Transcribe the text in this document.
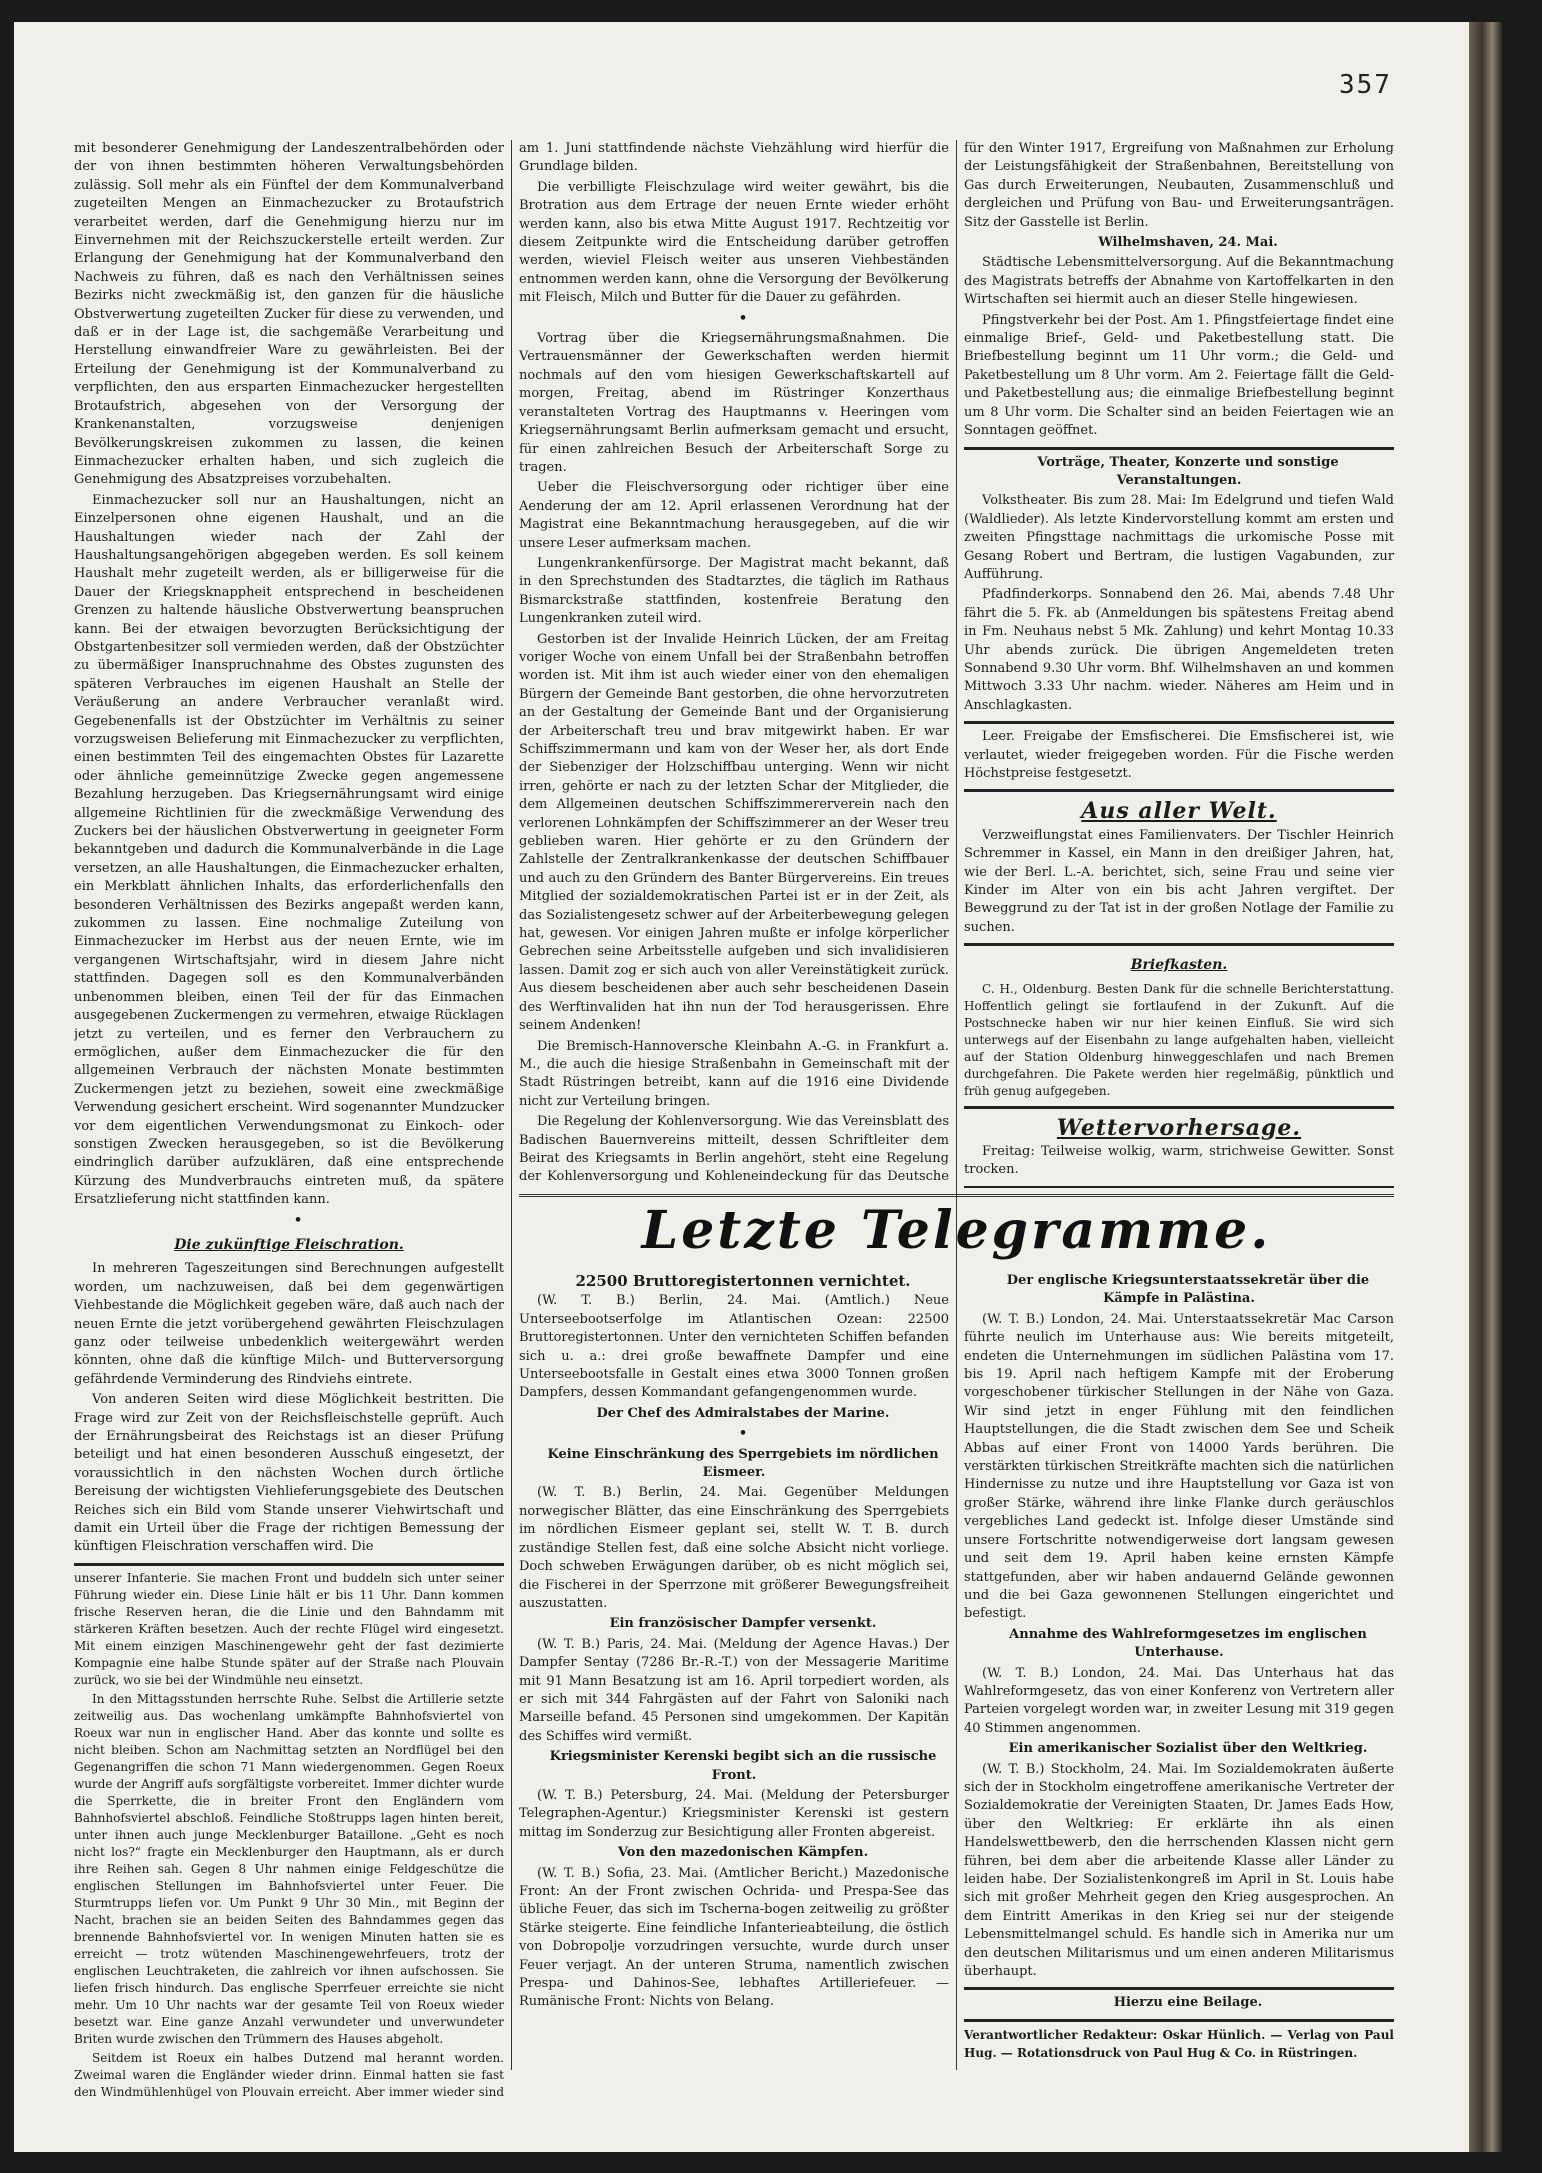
357

mit besonderer Genehmigung der Landeszentralbehörden oder der von ihnen bestimmten höheren Verwaltungsbehörden zulässig. Soll mehr als ein Fünftel der dem Kommunalverband zugeteilten Mengen an Einmachezucker zu Brotaufstrich verarbeitet werden, darf die Genehmigung hierzu nur im Einvernehmen mit der Reichszuckerstelle erteilt werden. Zur Erlangung der Genehmigung hat der Kommunalverband den Nachweis zu führen, daß es nach den Verhältnissen seines Bezirks nicht zweckmäßig ist, den ganzen für die häusliche Obstverwertung zugeteilten Zucker für diese zu verwenden, und daß er in der Lage ist, die sachgemäße Verarbeitung und Herstellung einwandfreier Ware zu gewährleisten. Bei der Erteilung der Genehmigung ist der Kommunalverband zu verpflichten, den aus ersparten Einmachezucker hergestellten Brotaufstrich, abgesehen von der Versorgung der Krankenanstalten, vorzugsweise denjenigen Bevölkerungskreisen zukommen zu lassen, die keinen Einmachezucker erhalten haben, und sich zugleich die Genehmigung des Absatzpreises vorzubehalten.

Einmachezucker soll nur an Haushaltungen, nicht an Einzelpersonen ohne eigenen Haushalt, und an die Haushaltungen wieder nach der Zahl der Haushaltungsangehörigen abgegeben werden. Es soll keinem Haushalt mehr zugeteilt werden, als er billigerweise für die Dauer der Kriegsknappheit entsprechend in bescheidenen Grenzen zu haltende häusliche Obstverwertung beanspruchen kann. Bei der etwaigen bevorzugten Berücksichtigung der Obstgartenbesitzer soll vermieden werden, daß der Obstzüchter zu übermäßiger Inanspruchnahme des Obstes zugunsten des späteren Verbrauches im eigenen Haushalt an Stelle der Veräußerung an andere Verbraucher veranlaßt wird. Gegebenenfalls ist der Obstzüchter im Verhältnis zu seiner vorzugsweisen Belieferung mit Einmachezucker zu verpflichten, einen bestimmten Teil des eingemachten Obstes für Lazarette oder ähnliche gemeinnützige Zwecke gegen angemessene Bezahlung herzugeben. Das Kriegsernährungsamt wird einige allgemeine Richtlinien für die zweckmäßige Verwendung des Zuckers bei der häuslichen Obstverwertung in geeigneter Form bekanntgeben und dadurch die Kommunalverbände in die Lage versetzen, an alle Haushaltungen, die Einmachezucker erhalten, ein Merkblatt ähnlichen Inhalts, das erforderlichenfalls den besonderen Verhältnissen des Bezirks angepaßt werden kann, zukommen zu lassen. Eine nochmalige Zuteilung von Einmachezucker im Herbst aus der neuen Ernte, wie im vergangenen Wirtschaftsjahr, wird in diesem Jahre nicht stattfinden. Dagegen soll es den Kommunalverbänden unbenommen bleiben, einen Teil der für das Einmachen ausgegebenen Zuckermengen zu vermehren, etwaige Rücklagen jetzt zu verteilen, und es ferner den Verbrauchern zu ermöglichen, außer dem Einmachezucker die für den allgemeinen Verbrauch der nächsten Monate bestimmten Zuckermengen jetzt zu beziehen, soweit eine zweckmäßige Verwendung gesichert erscheint. Wird sogenannter Mundzucker vor dem eigentlichen Verwendungsmonat zu Einkoch- oder sonstigen Zwecken herausgegeben, so ist die Bevölkerung eindringlich darüber aufzuklären, daß eine entsprechende Kürzung des Mundverbrauchs eintreten muß, da spätere Ersatzlieferung nicht stattfinden kann.

•

Die zukünftige Fleischration.

In mehreren Tageszeitungen sind Berechnungen aufgestellt worden, um nachzuweisen, daß bei dem gegenwärtigen Viehbestande die Möglichkeit gegeben wäre, daß auch nach der neuen Ernte die jetzt vorübergehend gewährten Fleischzulagen ganz oder teilweise unbedenklich weitergewährt werden könnten, ohne daß die künftige Milch- und Butterversorgung gefährdende Verminderung des Rindviehs eintrete.

Von anderen Seiten wird diese Möglichkeit bestritten. Die Frage wird zur Zeit von der Reichsfleischstelle geprüft. Auch der Ernährungsbeirat des Reichstags ist an dieser Prüfung beteiligt und hat einen besonderen Ausschuß eingesetzt, der voraussichtlich in den nächsten Wochen durch örtliche Bereisung der wichtigsten Viehlieferungsgebiete des Deutschen Reiches sich ein Bild vom Stande unserer Viehwirtschaft und damit ein Urteil über die Frage der richtigen Bemessung der künftigen Fleischration verschaffen wird. Die

unserer Infanterie. Sie machen Front und buddeln sich unter seiner Führung wieder ein. Diese Linie hält er bis 11 Uhr. Dann kommen frische Reserven heran, die die Linie und den Bahndamm mit stärkeren Kräften besetzen. Auch der rechte Flügel wird eingesetzt. Mit einem einzigen Maschinengewehr geht der fast dezimierte Kompagnie eine halbe Stunde später auf der Straße nach Plouvain zurück, wo sie bei der Windmühle neu einsetzt.

In den Mittagsstunden herrschte Ruhe. Selbst die Artillerie setzte zeitweilig aus. Das wochenlang umkämpfte Bahnhofsviertel von Roeux war nun in englischer Hand. Aber das konnte und sollte es nicht bleiben. Schon am Nachmittag setzten an Nordflügel bei den Gegenangriffen die schon 71 Mann wiedergenommen. Gegen Roeux wurde der Angriff aufs sorgfältigste vorbereitet. Immer dichter wurde die Sperrkette, die in breiter Front den Engländern vom Bahnhofsviertel abschloß. Feindliche Stoßtrupps lagen hinten bereit, unter ihnen auch junge Mecklenburger Bataillone. „Geht es noch nicht los?“ fragte ein Mecklenburger den Hauptmann, als er durch ihre Reihen sah. Gegen 8 Uhr nahmen einige Feldgeschütze die englischen Stellungen im Bahnhofsviertel unter Feuer. Die Sturmtrupps liefen vor. Um Punkt 9 Uhr 30 Min., mit Beginn der Nacht, brachen sie an beiden Seiten des Bahndammes gegen das brennende Bahnhofsviertel vor. In wenigen Minuten hatten sie es erreicht — trotz wütenden Maschinengewehrfeuers, trotz der englischen Leuchtraketen, die zahlreich vor ihnen aufschossen. Sie liefen frisch hindurch. Das englische Sperrfeuer erreichte sie nicht mehr. Um 10 Uhr nachts war der gesamte Teil von Roeux wieder besetzt war. Eine ganze Anzahl verwundeter und unverwundeter Briten wurde zwischen den Trümmern des Hauses abgeholt.

Seitdem ist Roeux ein halbes Dutzend mal herannt worden. Zweimal waren die Engländer wieder drinn. Einmal hatten sie fast den Windmühlenhügel von Plouvain erreicht. Aber immer wieder sind

am 1. Juni stattfindende nächste Viehzählung wird hierfür die Grundlage bilden.

Die verbilligte Fleischzulage wird weiter gewährt, bis die Brotration aus dem Ertrage der neuen Ernte wieder erhöht werden kann, also bis etwa Mitte August 1917. Rechtzeitig vor diesem Zeitpunkte wird die Entscheidung darüber getroffen werden, wieviel Fleisch weiter aus unseren Viehbeständen entnommen werden kann, ohne die Versorgung der Bevölkerung mit Fleisch, Milch und Butter für die Dauer zu gefährden.

•

Vortrag über die Kriegsernährungsmaßnahmen. Die Vertrauensmänner der Gewerkschaften werden hiermit nochmals auf den vom hiesigen Gewerkschaftskartell auf morgen, Freitag, abend im Rüstringer Konzerthaus veranstalteten Vortrag des Hauptmanns v. Heeringen vom Kriegsernährungsamt Berlin aufmerksam gemacht und ersucht, für einen zahlreichen Besuch der Arbeiterschaft Sorge zu tragen.

Ueber die Fleischversorgung oder richtiger über eine Aenderung der am 12. April erlassenen Verordnung hat der Magistrat eine Bekanntmachung herausgegeben, auf die wir unsere Leser aufmerksam machen.

Lungenkrankenfürsorge. Der Magistrat macht bekannt, daß in den Sprechstunden des Stadtarztes, die täglich im Rathaus Bismarckstraße stattfinden, kostenfreie Beratung den Lungenkranken zuteil wird.

Gestorben ist der Invalide Heinrich Lücken, der am Freitag voriger Woche von einem Unfall bei der Straßenbahn betroffen worden ist. Mit ihm ist auch wieder einer von den ehemaligen Bürgern der Gemeinde Bant gestorben, die ohne hervorzutreten an der Gestaltung der Gemeinde Bant und der Organisierung der Arbeiterschaft treu und brav mitgewirkt haben. Er war Schiffszimmermann und kam von der Weser her, als dort Ende der Siebenziger der Holzschiffbau unterging. Wenn wir nicht irren, gehörte er nach zu der letzten Schar der Mitglieder, die dem Allgemeinen deutschen Schiffszimmererverein nach den verlorenen Lohnkämpfen der Schiffszimmerer an der Weser treu geblieben waren. Hier gehörte er zu den Gründern der Zahlstelle der Zentralkrankenkasse der deutschen Schiffbauer und auch zu den Gründern des Banter Bürgervereins. Ein treues Mitglied der sozialdemokratischen Partei ist er in der Zeit, als das Sozialistengesetz schwer auf der Arbeiterbewegung gelegen hat, gewesen. Vor einigen Jahren mußte er infolge körperlicher Gebrechen seine Arbeitsstelle aufgeben und sich invalidisieren lassen. Damit zog er sich auch von aller Vereinstätigkeit zurück. Aus diesem bescheidenen aber auch sehr bescheidenen Dasein des Werftinvaliden hat ihn nun der Tod herausgerissen. Ehre seinem Andenken!

Die Bremisch-Hannoversche Kleinbahn A.-G. in Frankfurt a. M., die auch die hiesige Straßenbahn in Gemeinschaft mit der Stadt Rüstringen betreibt, kann auf die 1916 eine Dividende nicht zur Verteilung bringen.

Die Regelung der Kohlenversorgung. Wie das Vereinsblatt des Badischen Bauernvereins mitteilt, dessen Schriftleiter dem Beirat des Kriegsamts in Berlin angehört, steht eine Regelung der Kohlenversorgung und Kohleneindeckung für das Deutsche

für den Winter 1917, Ergreifung von Maßnahmen zur Erholung der Leistungsfähigkeit der Straßenbahnen, Bereitstellung von Gas durch Erweiterungen, Neubauten, Zusammenschluß und dergleichen und Prüfung von Bau- und Erweiterungsanträgen. Sitz der Gasstelle ist Berlin.

Wilhelmshaven, 24. Mai.

Städtische Lebensmittelversorgung. Auf die Bekanntmachung des Magistrats betreffs der Abnahme von Kartoffelkarten in den Wirtschaften sei hiermit auch an dieser Stelle hingewiesen.

Pfingstverkehr bei der Post. Am 1. Pfingstfeiertage findet eine einmalige Brief-, Geld- und Paketbestellung statt. Die Briefbestellung beginnt um 11 Uhr vorm.; die Geld- und Paketbestellung um 8 Uhr vorm. Am 2. Feiertage fällt die Geld- und Paketbestellung aus; die einmalige Briefbestellung beginnt um 8 Uhr vorm. Die Schalter sind an beiden Feiertagen wie an Sonntagen geöffnet.

Vorträge, Theater, Konzerte und sonstige Veranstaltungen.

Volkstheater. Bis zum 28. Mai: Im Edelgrund und tiefen Wald (Waldlieder). Als letzte Kindervorstellung kommt am ersten und zweiten Pfingsttage nachmittags die urkomische Posse mit Gesang Robert und Bertram, die lustigen Vagabunden, zur Aufführung.

Pfadfinderkorps. Sonnabend den 26. Mai, abends 7.48 Uhr fährt die 5. Fk. ab (Anmeldungen bis spätestens Freitag abend in Fm. Neuhaus nebst 5 Mk. Zahlung) und kehrt Montag 10.33 Uhr abends zurück. Die übrigen Angemeldeten treten Sonnabend 9.30 Uhr vorm. Bhf. Wilhelmshaven an und kommen Mittwoch 3.33 Uhr nachm. wieder. Näheres am Heim und in Anschlagkasten.

Leer. Freigabe der Emsfischerei. Die Emsfischerei ist, wie verlautet, wieder freigegeben worden. Für die Fische werden Höchstpreise festgesetzt.

Aus aller Welt.

Verzweiflungstat eines Familienvaters. Der Tischler Heinrich Schremmer in Kassel, ein Mann in den dreißiger Jahren, hat, wie der Berl. L.-A. berichtet, sich, seine Frau und seine vier Kinder im Alter von ein bis acht Jahren vergiftet. Der Beweggrund zu der Tat ist in der großen Notlage der Familie zu suchen.

Briefkasten.

C. H., Oldenburg. Besten Dank für die schnelle Berichterstattung. Hoffentlich gelingt sie fortlaufend in der Zukunft. Auf die Postschnecke haben wir nur hier keinen Einfluß. Sie wird sich unterwegs auf der Eisenbahn zu lange aufgehalten haben, vielleicht auf der Station Oldenburg hinweggeschlafen und nach Bremen durchgefahren. Die Pakete werden hier regelmäßig, pünktlich und früh genug aufgegeben.

Wettervorhersage.

Freitag: Teilweise wolkig, warm, strichweise Gewitter. Sonst trocken.

Letzte Telegramme.

22500 Bruttoregistertonnen vernichtet.

(W. T. B.) Berlin, 24. Mai. (Amtlich.) Neue Unterseebootserfolge im Atlantischen Ozean: 22500 Bruttoregistertonnen. Unter den vernichteten Schiffen befanden sich u. a.: drei große bewaffnete Dampfer und eine Unterseebootsfalle in Gestalt eines etwa 3000 Tonnen großen Dampfers, dessen Kommandant gefangengenommen wurde.

Der Chef des Admiralstabes der Marine.

•

Keine Einschränkung des Sperrgebiets im nördlichen Eismeer.

(W. T. B.) Berlin, 24. Mai. Gegenüber Meldungen norwegischer Blätter, das eine Einschränkung des Sperrgebiets im nördlichen Eismeer geplant sei, stellt W. T. B. durch zuständige Stellen fest, daß eine solche Absicht nicht vorliege. Doch schweben Erwägungen darüber, ob es nicht möglich sei, die Fischerei in der Sperrzone mit größerer Bewegungsfreiheit auszustatten.

Ein französischer Dampfer versenkt.

(W. T. B.) Paris, 24. Mai. (Meldung der Agence Havas.) Der Dampfer Sentay (7286 Br.-R.-T.) von der Messagerie Maritime mit 91 Mann Besatzung ist am 16. April torpediert worden, als er sich mit 344 Fahrgästen auf der Fahrt von Saloniki nach Marseille befand. 45 Personen sind umgekommen. Der Kapitän des Schiffes wird vermißt.

Kriegsminister Kerenski begibt sich an die russische Front.

(W. T. B.) Petersburg, 24. Mai. (Meldung der Petersburger Telegraphen-Agentur.) Kriegsminister Kerenski ist gestern mittag im Sonderzug zur Besichtigung aller Fronten abgereist.

Von den mazedonischen Kämpfen.

(W. T. B.) Sofia, 23. Mai. (Amtlicher Bericht.) Mazedonische Front: An der Front zwischen Ochrida- und Prespa-See das übliche Feuer, das sich im Tscherna-bogen zeitweilig zu größter Stärke steigerte. Eine feindliche Infanterieabteilung, die östlich von Dobropolje vorzudringen versuchte, wurde durch unser Feuer verjagt. An der unteren Struma, namentlich zwischen Prespa- und Dahinos-See, lebhaftes Artilleriefeuer. — Rumänische Front: Nichts von Belang.

Der englische Kriegsunterstaatssekretär über die Kämpfe in Palästina.

(W. T. B.) London, 24. Mai. Unterstaatssekretär Mac Carson führte neulich im Unterhause aus: Wie bereits mitgeteilt, endeten die Unternehmungen im südlichen Palästina vom 17. bis 19. April nach heftigem Kampfe mit der Eroberung vorgeschobener türkischer Stellungen in der Nähe von Gaza. Wir sind jetzt in enger Fühlung mit den feindlichen Hauptstellungen, die die Stadt zwischen dem See und Scheik Abbas auf einer Front von 14000 Yards berühren. Die verstärkten türkischen Streitkräfte machten sich die natürlichen Hindernisse zu nutze und ihre Hauptstellung vor Gaza ist von großer Stärke, während ihre linke Flanke durch geräuschlos vergebliches Land gedeckt ist. Infolge dieser Umstände sind unsere Fortschritte notwendigerweise dort langsam gewesen und seit dem 19. April haben keine ernsten Kämpfe stattgefunden, aber wir haben andauernd Gelände gewonnen und die bei Gaza gewonnenen Stellungen eingerichtet und befestigt.

Annahme des Wahlreformgesetzes im englischen Unterhause.

(W. T. B.) London, 24. Mai. Das Unterhaus hat das Wahlreformgesetz, das von einer Konferenz von Vertretern aller Parteien vorgelegt worden war, in zweiter Lesung mit 319 gegen 40 Stimmen angenommen.

Ein amerikanischer Sozialist über den Weltkrieg.

(W. T. B.) Stockholm, 24. Mai. Im Sozialdemokraten äußerte sich der in Stockholm eingetroffene amerikanische Vertreter der Sozialdemokratie der Vereinigten Staaten, Dr. James Eads How, über den Weltkrieg: Er erklärte ihn als einen Handelswettbewerb, den die herrschenden Klassen nicht gern führen, bei dem aber die arbeitende Klasse aller Länder zu leiden habe. Der Sozialistenkongreß im April in St. Louis habe sich mit großer Mehrheit gegen den Krieg ausgesprochen. An dem Eintritt Amerikas in den Krieg sei nur der steigende Lebensmittelmangel schuld. Es handle sich in Amerika nur um den deutschen Militarismus und um einen anderen Militarismus überhaupt.

Hierzu eine Beilage.

Verantwortlicher Redakteur: Oskar Hünlich. — Verlag von Paul Hug. — Rotationsdruck von Paul Hug & Co. in Rüstringen.
